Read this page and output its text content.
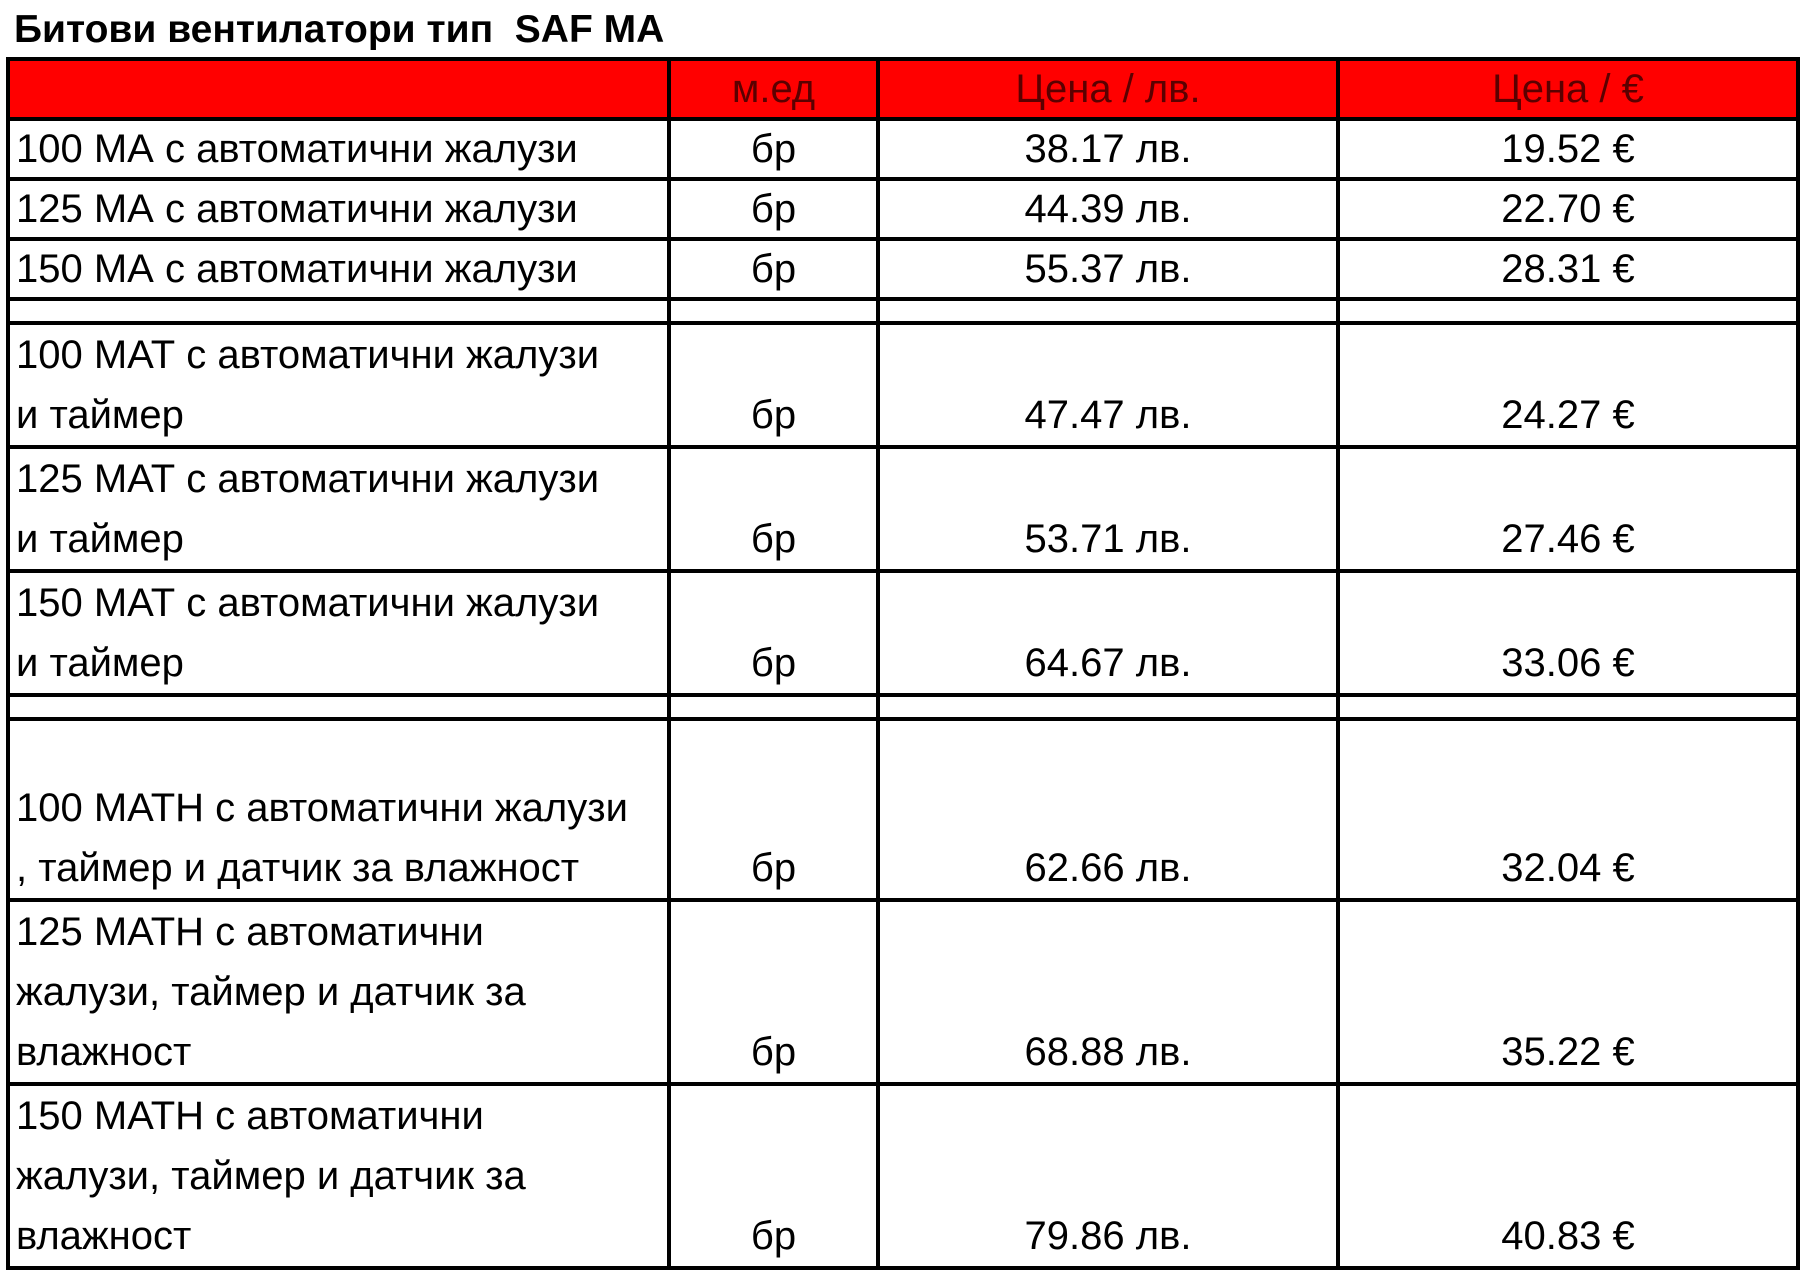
Битови вентилатори тип  SAF MA
	м.ед	Цена / лв.	Цена / €
100 МА с автоматични жалузи	бр	38.17 лв.	19.52 €
125 МА с автоматични жалузи	бр	44.39 лв.	22.70 €
150 МА с автоматични жалузи	бр	55.37 лв.	28.31 €

100 МАТ с автоматични жалузи
и таймер	бр	47.47 лв.	24.27 €

125 МАТ с автоматични жалузи
и таймер	бр	53.71 лв.	27.46 €

150 МАТ с автоматични жалузи
и таймер	бр	64.67 лв.	33.06 €

100 МАТН с автоматични жалузи
, таймер и датчик за влажност	бр	62.66 лв.	32.04 €

125 МАТН с автоматични
жалузи, таймер и датчик за
влажност	бр	68.88 лв.	35.22 €

150 МАТН с автоматични
жалузи, таймер и датчик за
влажност	бр	79.86 лв.	40.83 €
